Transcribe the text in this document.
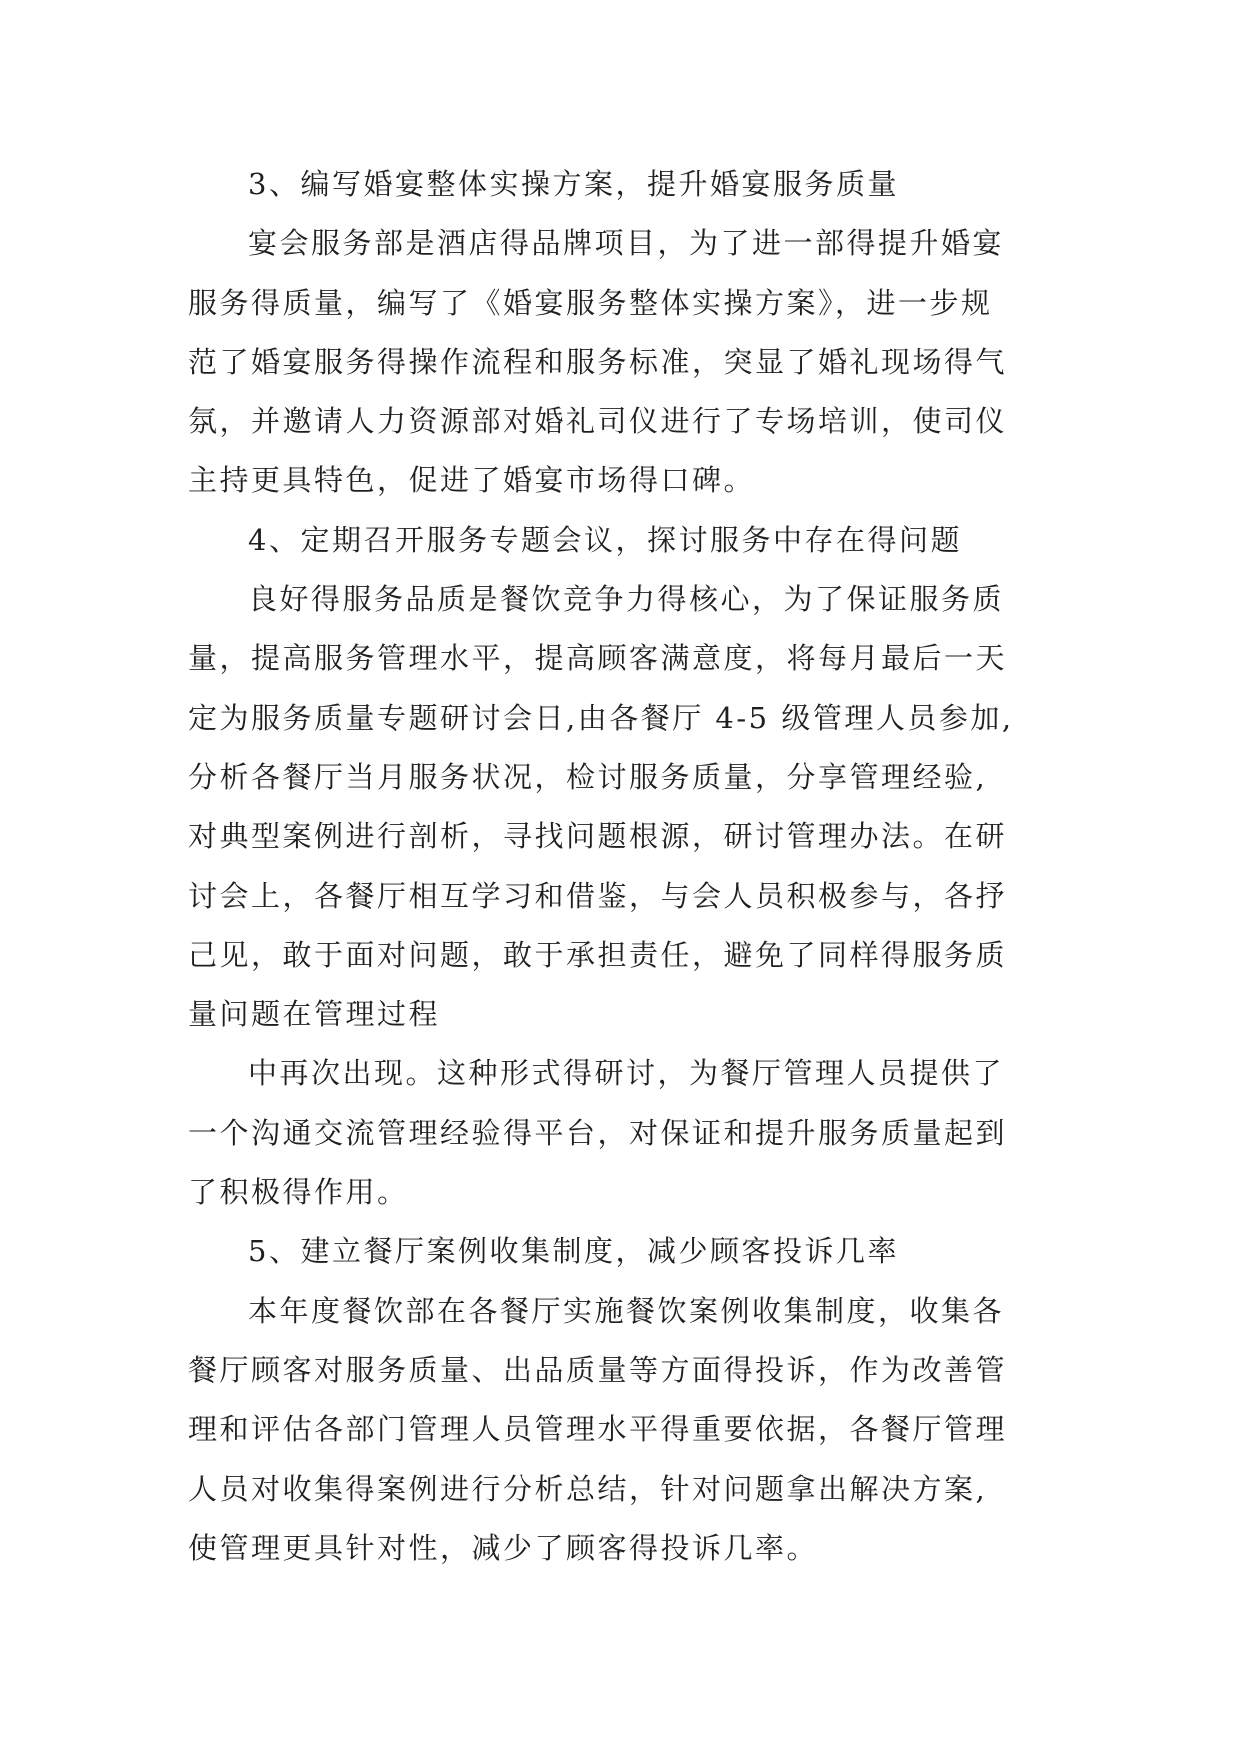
3、编写婚宴整体实操方案，提升婚宴服务质量
宴会服务部是酒店得品牌项目，为了进一部得提升婚宴
服务得质量，编写了《婚宴服务整体实操方案》，进一步规
范了婚宴服务得操作流程和服务标准，突显了婚礼现场得气
氛，并邀请人力资源部对婚礼司仪进行了专场培训，使司仪
主持更具特色，促进了婚宴市场得口碑。
4、定期召开服务专题会议，探讨服务中存在得问题
良好得服务品质是餐饮竞争力得核心，为了保证服务质
量，提高服务管理水平，提高顾客满意度，将每月最后一天
定为服务质量专题研讨会日,由各餐厅 4-5 级管理人员参加,
分析各餐厅当月服务状况，检讨服务质量，分享管理经验,
对典型案例进行剖析，寻找问题根源，研讨管理办法。在研
讨会上，各餐厅相互学习和借鉴，与会人员积极参与，各抒
己见，敢于面对问题，敢于承担责任，避免了同样得服务质
量问题在管理过程
中再次出现。这种形式得研讨，为餐厅管理人员提供了
一个沟通交流管理经验得平台，对保证和提升服务质量起到
了积极得作用。
5、建立餐厅案例收集制度，减少顾客投诉几率
本年度餐饮部在各餐厅实施餐饮案例收集制度，收集各
餐厅顾客对服务质量、出品质量等方面得投诉，作为改善管
理和评估各部门管理人员管理水平得重要依据，各餐厅管理
人员对收集得案例进行分析总结，针对问题拿出解决方案,
使管理更具针对性，减少了顾客得投诉几率。
